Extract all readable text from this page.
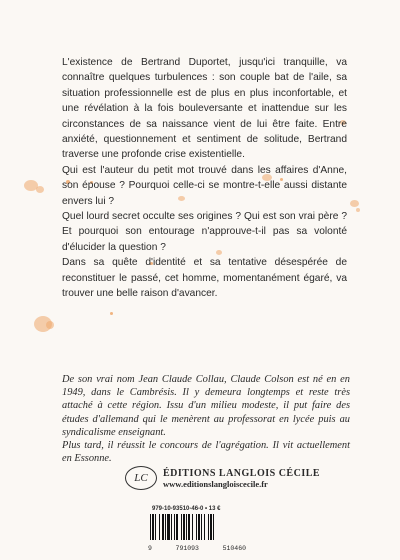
L'existence de Bertrand Duportet, jusqu'ici tranquille, va connaître quelques turbulences : son couple bat de l'aile, sa situation professionnelle est de plus en plus inconfortable, et une révélation à la fois bouleversante et inattendue sur les circonstances de sa naissance vient de lui être faite. Entre anxiété, questionnement et sentiment de solitude, Bertrand traverse une profonde crise existentielle.

Qui est l'auteur du petit mot trouvé dans les affaires d'Anne, son épouse ? Pourquoi celle-ci se montre-t-elle aussi distante envers lui ?

Quel lourd secret occulte ses origines ? Qui est son vrai père ? Et pourquoi son entourage n'approuve-t-il pas sa volonté d'élucider la question ?

Dans sa quête d'identité et sa tentative désespérée de reconstituer le passé, cet homme, momentanément égaré, va trouver une belle raison d'avancer.

De son vrai nom Jean Claude Collau, Claude Colson est né en en 1949, dans le Cambrésis. Il y demeura longtemps et reste très attaché à cette région. Issu d'un milieu modeste, il put faire des études d'allemand qui le menèrent au professorat en lycée puis au syndicalisme enseignant.

Plus tard, il réussit le concours de l'agrégation. Il vit actuellement en Essonne.

LC	ÉDITIONS LANGLOIS CÉCILE
www.editionslangloiscecile.fr
979-10-93510-46-0 • 13 €
9	791093	510460
